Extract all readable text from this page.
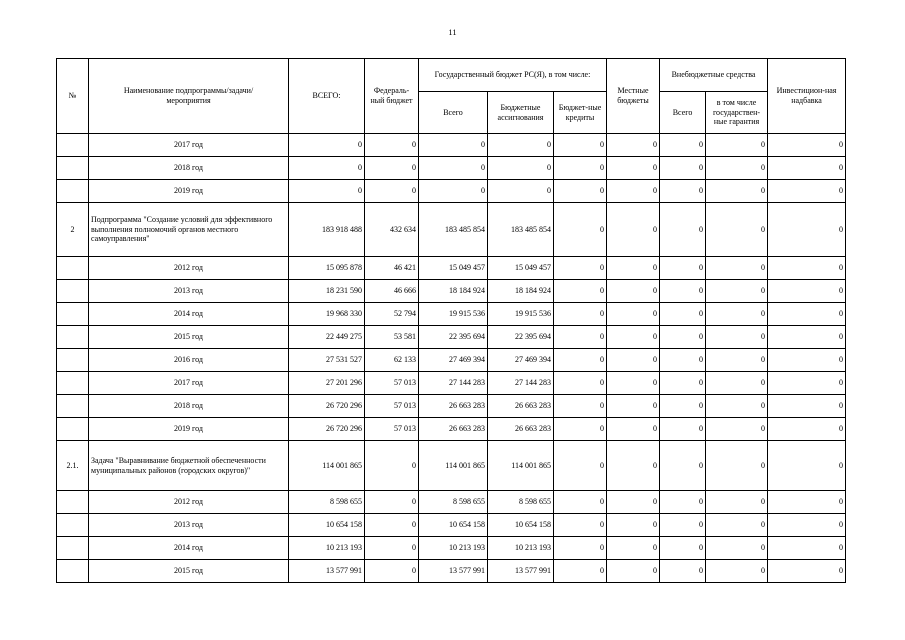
11
№	Наименование подпрограммы/задачи/мероприятия	ВСЕГО:	Федераль-ный бюджет	Государственный бюджет РС(Я), в том числе:			Местные бюджеты	Внебюджетные средства		Инвестицион-ная надбавка
				Всего	Бюджетные ассигнования	Бюджет-ные кредиты		Всего	в том числе государствен-ные гарантия	
	2017 год	0	0	0	0	0	0	0	0	0
	2018 год	0	0	0	0	0	0	0	0	0
	2019 год	0	0	0	0	0	0	0	0	0
2	Подпрограмма "Создание условий для эффективного выполнения полномочий органов местного самоуправления"	183 918 488	432 634	183 485 854	183 485 854	0	0	0	0	0
	2012 год	15 095 878	46 421	15 049 457	15 049 457	0	0	0	0	0
	2013 год	18 231 590	46 666	18 184 924	18 184 924	0	0	0	0	0
	2014 год	19 968 330	52 794	19 915 536	19 915 536	0	0	0	0	0
	2015 год	22 449 275	53 581	22 395 694	22 395 694	0	0	0	0	0
	2016 год	27 531 527	62 133	27 469 394	27 469 394	0	0	0	0	0
	2017 год	27 201 296	57 013	27 144 283	27 144 283	0	0	0	0	0
	2018 год	26 720 296	57 013	26 663 283	26 663 283	0	0	0	0	0
	2019 год	26 720 296	57 013	26 663 283	26 663 283	0	0	0	0	0
2.1.	Задача "Выравнивание бюджетной обеспеченности муниципальных районов (городских округов)"	114 001 865	0	114 001 865	114 001 865	0	0	0	0	0
	2012 год	8 598 655	0	8 598 655	8 598 655	0	0	0	0	0
	2013 год	10 654 158	0	10 654 158	10 654 158	0	0	0	0	0
	2014 год	10 213 193	0	10 213 193	10 213 193	0	0	0	0	0
	2015 год	13 577 991	0	13 577 991	13 577 991	0	0	0	0	0
